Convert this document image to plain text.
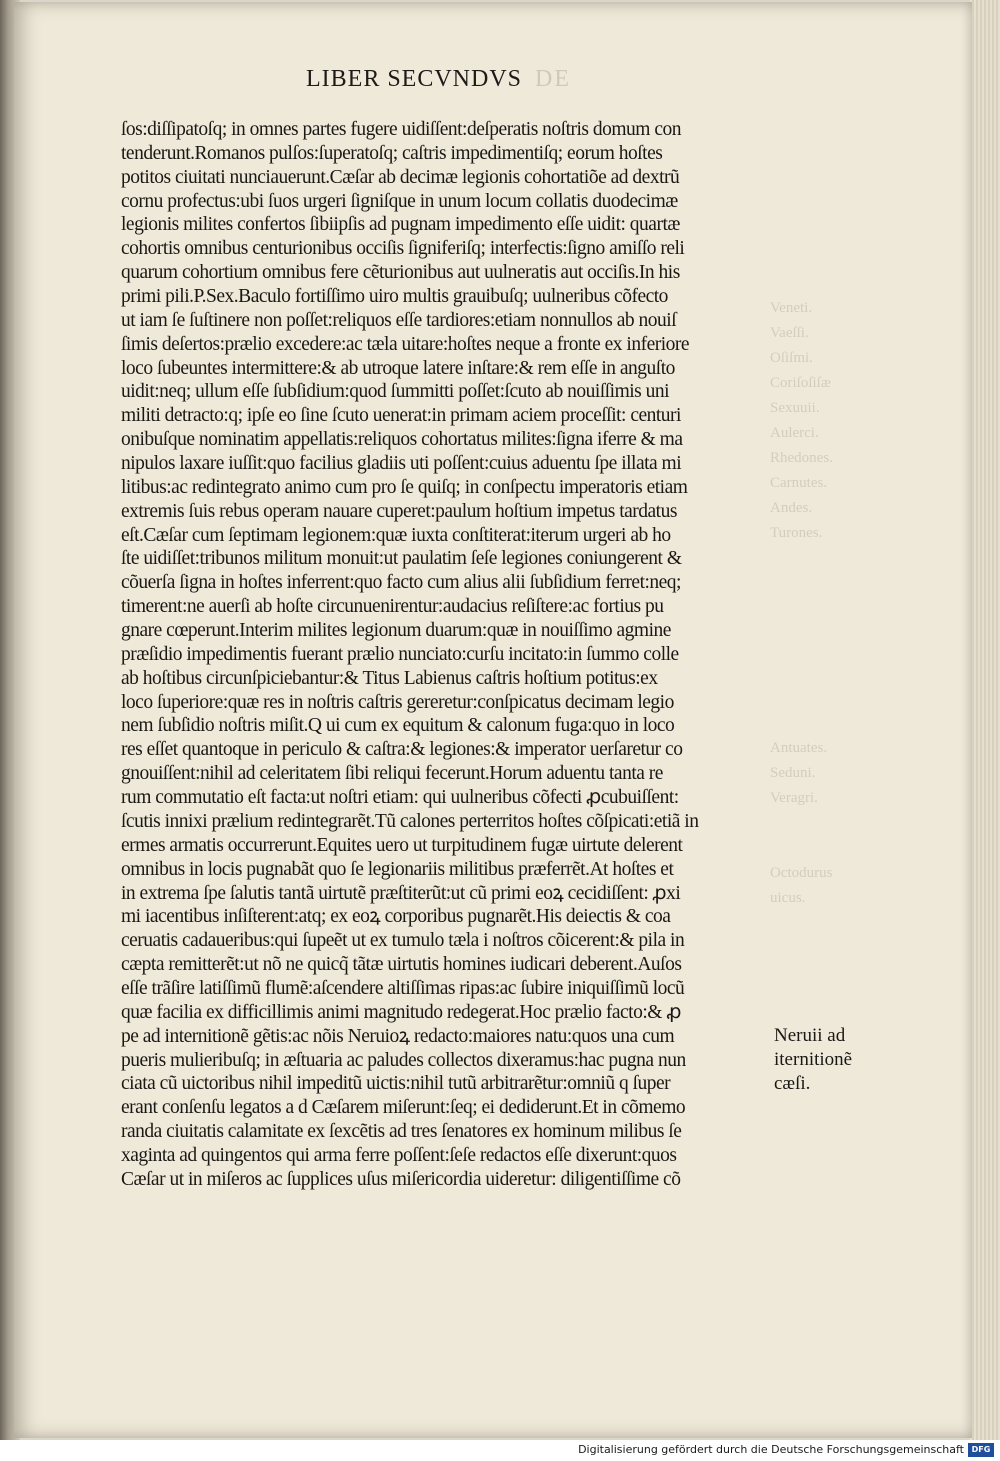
LIBER SECVNDVS DE
Veneti.
Vaeſſi.
Oſiſmi.
Coriſoſiſæ
Sexuuii.
Aulerci.
Rhedones.
Carnutes.
Andes.
Turones.
Antuates.
Seduni.
Veragri.
Octodurus
uicus.
ſos:diſſipatoſq; in omnes partes fugere uidiſſent:deſperatis noſtris domum con
tenderunt.Romanos pulſos:ſuperatoſq; caſtris impedimentiſq; eorum hoſtes
potitos ciuitati nunciauerunt.Cæſar ab decimæ legionis cohortatiõe ad dextrũ
cornu profectus:ubi ſuos urgeri ſigniſque in unum locum collatis duodecimæ
legionis milites confertos ſibiipſis ad pugnam impedimento eſſe uidit: quartæ
cohortis omnibus centurionibus occiſis ſigniferiſq; interfectis:ſigno amiſſo reli
quarum cohortium omnibus fere cẽturionibus aut uulneratis aut occiſis.In his
primi pili.P.Sex.Baculo fortiſſimo uiro multis grauibuſq; uulneribus cõfecto
ut iam ſe ſuſtinere non poſſet:reliquos eſſe tardiores:etiam nonnullos ab nouiſ
ſimis deſertos:prælio excedere:ac tæla uitare:hoſtes neque a fronte ex inferiore
loco ſubeuntes intermittere:& ab utroque latere inſtare:& rem eſſe in anguſto
uidit:neq; ullum eſſe ſubſidium:quod ſummitti poſſet:ſcuto ab nouiſſimis uni
militi detracto:q; ipſe eo ſine ſcuto uenerat:in primam aciem proceſſit: centuri
onibuſque nominatim appellatis:reliquos cohortatus milites:ſigna iferre & ma
nipulos laxare iuſſit:quo facilius gladiis uti poſſent:cuius aduentu ſpe illata mi
litibus:ac redintegrato animo cum pro ſe quiſq; in conſpectu imperatoris etiam
extremis ſuis rebus operam nauare cuperet:paulum hoſtium impetus tardatus
eſt.Cæſar cum ſeptimam legionem:quæ iuxta conſtiterat:iterum urgeri ab ho
ſte uidiſſet:tribunos militum monuit:ut paulatim ſeſe legiones coniungerent &
cõuerſa ſigna in hoſtes inferrent:quo facto cum alius alii ſubſidium ferret:neq;
timerent:ne auerſi ab hoſte circunuenirentur:audacius reſiſtere:ac fortius pu
gnare cœperunt.Interim milites legionum duarum:quæ in nouiſſimo agmine
præſidio impedimentis fuerant prælio nunciato:curſu incitato:in ſummo colle
ab hoſtibus circunſpiciebantur:& Titus Labienus caſtris hoſtium potitus:ex
loco ſuperiore:quæ res in noſtris caſtris gereretur:conſpicatus decimam legio
nem ſubſidio noſtris miſit.Q ui cum ex equitum & calonum fuga:quo in loco
res eſſet quantoque in periculo & caſtra:& legiones:& imperator uerſaretur co
gnouiſſent:nihil ad celeritatem ſibi reliqui fecerunt.Horum aduentu tanta re
rum commutatio eſt facta:ut noſtri etiam: qui uulneribus cõfecti ꝓcubuiſſent:
ſcutis innixi prælium redintegrarẽt.Tũ calones perterritos hoſtes cõſpicati:etiã in
ermes armatis occurrerunt.Equites uero ut turpitudinem fugæ uirtute delerent
omnibus in locis pugnabãt quo ſe legionariis militibus præferrẽt.At hoſtes et
in extrema ſpe ſalutis tantã uirtutẽ præſtiterũt:ut cũ primi eoꝝ cecidiſſent: ꝓxi
mi iacentibus inſiſterent:atq; ex eoꝝ corporibus pugnarẽt.His deiectis & coa
ceruatis cadaueribus:qui ſupeẽt ut ex tumulo tæla i noſtros cõicerent:& pila in
cæpta remitterẽt:ut nõ ne quicq̃ tãtæ uirtutis homines iudicari deberent.Auſos
eſſe trãſire latiſſimũ flumẽ:aſcendere altiſſimas ripas:ac ſubire iniquiſſimũ locũ
quæ facilia ex difficillimis animi magnitudo redegerat.Hoc prælio facto:& ꝓ
pe ad internitionẽ gẽtis:ac nõis Neruioꝝ redacto:maiores natu:quos una cum
pueris mulieribuſq; in æſtuaria ac paludes collectos dixeramus:hac pugna nun
ciata cũ uictoribus nihil impeditũ uictis:nihil tutũ arbitrarẽtur:omniũ q ſuper
erant conſenſu legatos a d Cæſarem miſerunt:ſeq; ei dediderunt.Et in cõmemo
randa ciuitatis calamitate ex ſexcẽtis ad tres ſenatores ex hominum milibus ſe
xaginta ad quingentos qui arma ferre poſſent:ſeſe redactos eſſe dixerunt:quos
Cæſar ut in miſeros ac ſupplices uſus miſericordia uideretur: diligentiſſime cõ
Neruii ad
iternitionẽ
cæſi.
Digitalisierung gefördert durch die Deutsche Forschungsgemeinschaft DFG
